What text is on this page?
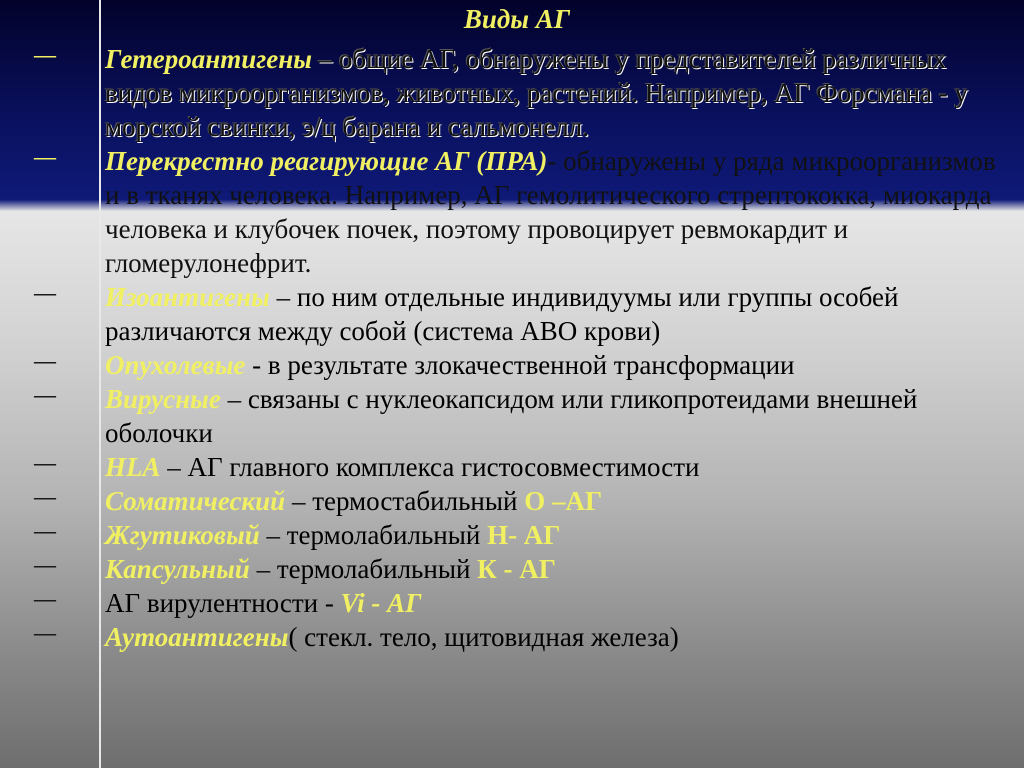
Виды АГ
— Гетероантигены – общие АГ, обнаружены у представителей различных видов микроорганизмов, животных, растений. Например, АГ Форсмана - у морской свинки, э/ц барана и сальмонелл.
— Перекрестно реагирующие АГ (ПРА)- обнаружены у ряда микроорганизмов и в тканях человека. Например, АГ гемолитического стрептококка, миокарда человека и клубочек почек, поэтому провоцирует ревмокардит и гломерулонефрит.
— Изоантигены – по ним отдельные индивидуумы или группы особей различаются между собой (система АВО крови)
— Опухолевые - в результате злокачественной трансформации
— Вирусные – связаны с нуклеокапсидом или гликопротеидами внешней оболочки
— HLA – АГ главного комплекса гистосовместимости
— Соматический – термостабильный О –АГ
— Жгутиковый – термолабильный Н- АГ
— Капсульный – термолабильный К - АГ
— АГ вирулентности - Vi - АГ
— Аутоантигены( стекл. тело, щитовидная железа)
